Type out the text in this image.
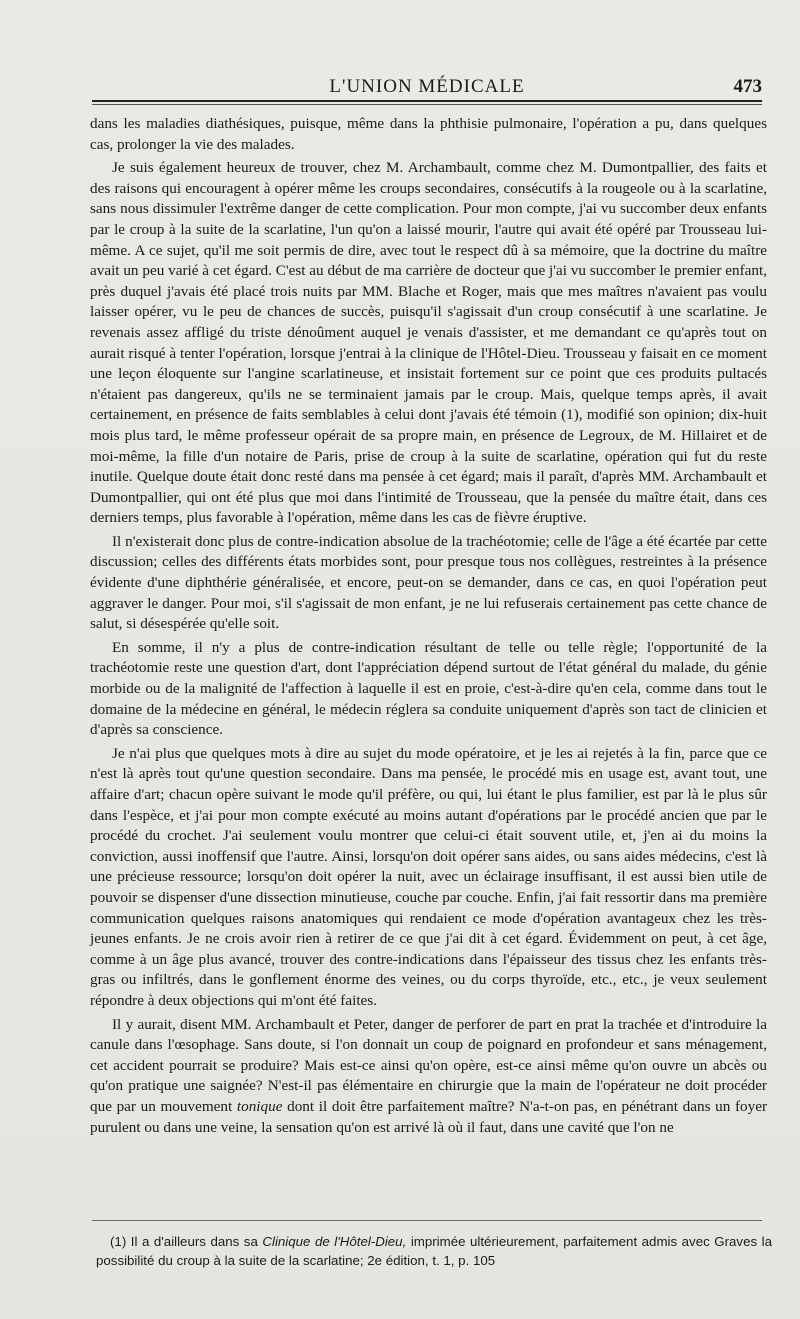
L'UNION MÉDICALE	473

dans les maladies diathésiques, puisque, même dans la phthisie pulmonaire, l'opération a pu, dans quelques cas, prolonger la vie des malades.

Je suis également heureux de trouver, chez M. Archambault, comme chez M. Dumontpallier, des faits et des raisons qui encouragent à opérer même les croups secondaires, consécutifs à la rougeole ou à la scarlatine, sans nous dissimuler l'extrême danger de cette complication. Pour mon compte, j'ai vu succomber deux enfants par le croup à la suite de la scarlatine, l'un qu'on a laissé mourir, l'autre qui avait été opéré par Trousseau lui-même. A ce sujet, qu'il me soit permis de dire, avec tout le respect dû à sa mémoire, que la doctrine du maître avait un peu varié à cet égard. C'est au début de ma carrière de docteur que j'ai vu succomber le premier enfant, près duquel j'avais été placé trois nuits par MM. Blache et Roger, mais que mes maîtres n'avaient pas voulu laisser opérer, vu le peu de chances de succès, puisqu'il s'agissait d'un croup consécutif à une scarlatine. Je revenais assez affligé du triste dénoûment auquel je venais d'assister, et me demandant ce qu'après tout on aurait risqué à tenter l'opération, lorsque j'entrai à la clinique de l'Hôtel-Dieu. Trousseau y faisait en ce moment une leçon éloquente sur l'angine scarlatineuse, et insistait fortement sur ce point que ces produits pultacés n'étaient pas dangereux, qu'ils ne se terminaient jamais par le croup. Mais, quelque temps après, il avait certainement, en présence de faits semblables à celui dont j'avais été témoin (1), modifié son opinion; dix-huit mois plus tard, le même professeur opérait de sa propre main, en présence de Legroux, de M. Hillairet et de moi-même, la fille d'un notaire de Paris, prise de croup à la suite de scarlatine, opération qui fut du reste inutile. Quelque doute était donc resté dans ma pensée à cet égard; mais il paraît, d'après MM. Archambault et Dumontpallier, qui ont été plus que moi dans l'intimité de Trousseau, que la pensée du maître était, dans ces derniers temps, plus favorable à l'opération, même dans les cas de fièvre éruptive.

Il n'existerait donc plus de contre-indication absolue de la trachéotomie; celle de l'âge a été écartée par cette discussion; celles des différents états morbides sont, pour presque tous nos collègues, restreintes à la présence évidente d'une diphthérie généralisée, et encore, peut-on se demander, dans ce cas, en quoi l'opération peut aggraver le danger. Pour moi, s'il s'agissait de mon enfant, je ne lui refuserais certainement pas cette chance de salut, si désespérée qu'elle soit.

En somme, il n'y a plus de contre-indication résultant de telle ou telle règle; l'opportunité de la trachéotomie reste une question d'art, dont l'appréciation dépend surtout de l'état général du malade, du génie morbide ou de la malignité de l'affection à laquelle il est en proie, c'est-à-dire qu'en cela, comme dans tout le domaine de la médecine en général, le médecin réglera sa conduite uniquement d'après son tact de clinicien et d'après sa conscience.

Je n'ai plus que quelques mots à dire au sujet du mode opératoire, et je les ai rejetés à la fin, parce que ce n'est là après tout qu'une question secondaire. Dans ma pensée, le procédé mis en usage est, avant tout, une affaire d'art; chacun opère suivant le mode qu'il préfère, ou qui, lui étant le plus familier, est par là le plus sûr dans l'espèce, et j'ai pour mon compte exécuté au moins autant d'opérations par le procédé ancien que par le procédé du crochet. J'ai seulement voulu montrer que celui-ci était souvent utile, et, j'en ai du moins la conviction, aussi inoffensif que l'autre. Ainsi, lorsqu'on doit opérer sans aides, ou sans aides médecins, c'est là une précieuse ressource; lorsqu'on doit opérer la nuit, avec un éclairage insuffisant, il est aussi bien utile de pouvoir se dispenser d'une dissection minutieuse, couche par couche. Enfin, j'ai fait ressortir dans ma première communication quelques raisons anatomiques qui rendaient ce mode d'opération avantageux chez les très-jeunes enfants. Je ne crois avoir rien à retirer de ce que j'ai dit à cet égard. Évidemment on peut, à cet âge, comme à un âge plus avancé, trouver des contre-indications dans l'épaisseur des tissus chez les enfants très-gras ou infiltrés, dans le gonflement énorme des veines, ou du corps thyroïde, etc., etc., je veux seulement répondre à deux objections qui m'ont été faites.

Il y aurait, disent MM. Archambault et Peter, danger de perforer de part en prat la trachée et d'introduire la canule dans l'œsophage. Sans doute, si l'on donnait un coup de poignard en profondeur et sans ménagement, cet accident pourrait se produire? Mais est-ce ainsi qu'on opère, est-ce ainsi même qu'on ouvre un abcès ou qu'on pratique une saignée? N'est-il pas élémentaire en chirurgie que la main de l'opérateur ne doit procéder que par un mouvement tonique dont il doit être parfaitement maître? N'a-t-on pas, en pénétrant dans un foyer purulent ou dans une veine, la sensation qu'on est arrivé là où il faut, dans une cavité que l'on ne

(1) Il a d'ailleurs dans sa Clinique de l'Hôtel-Dieu, imprimée ultérieurement, parfaitement admis avec Graves la possibilité du croup à la suite de la scarlatine; 2e édition, t. 1, p. 105
